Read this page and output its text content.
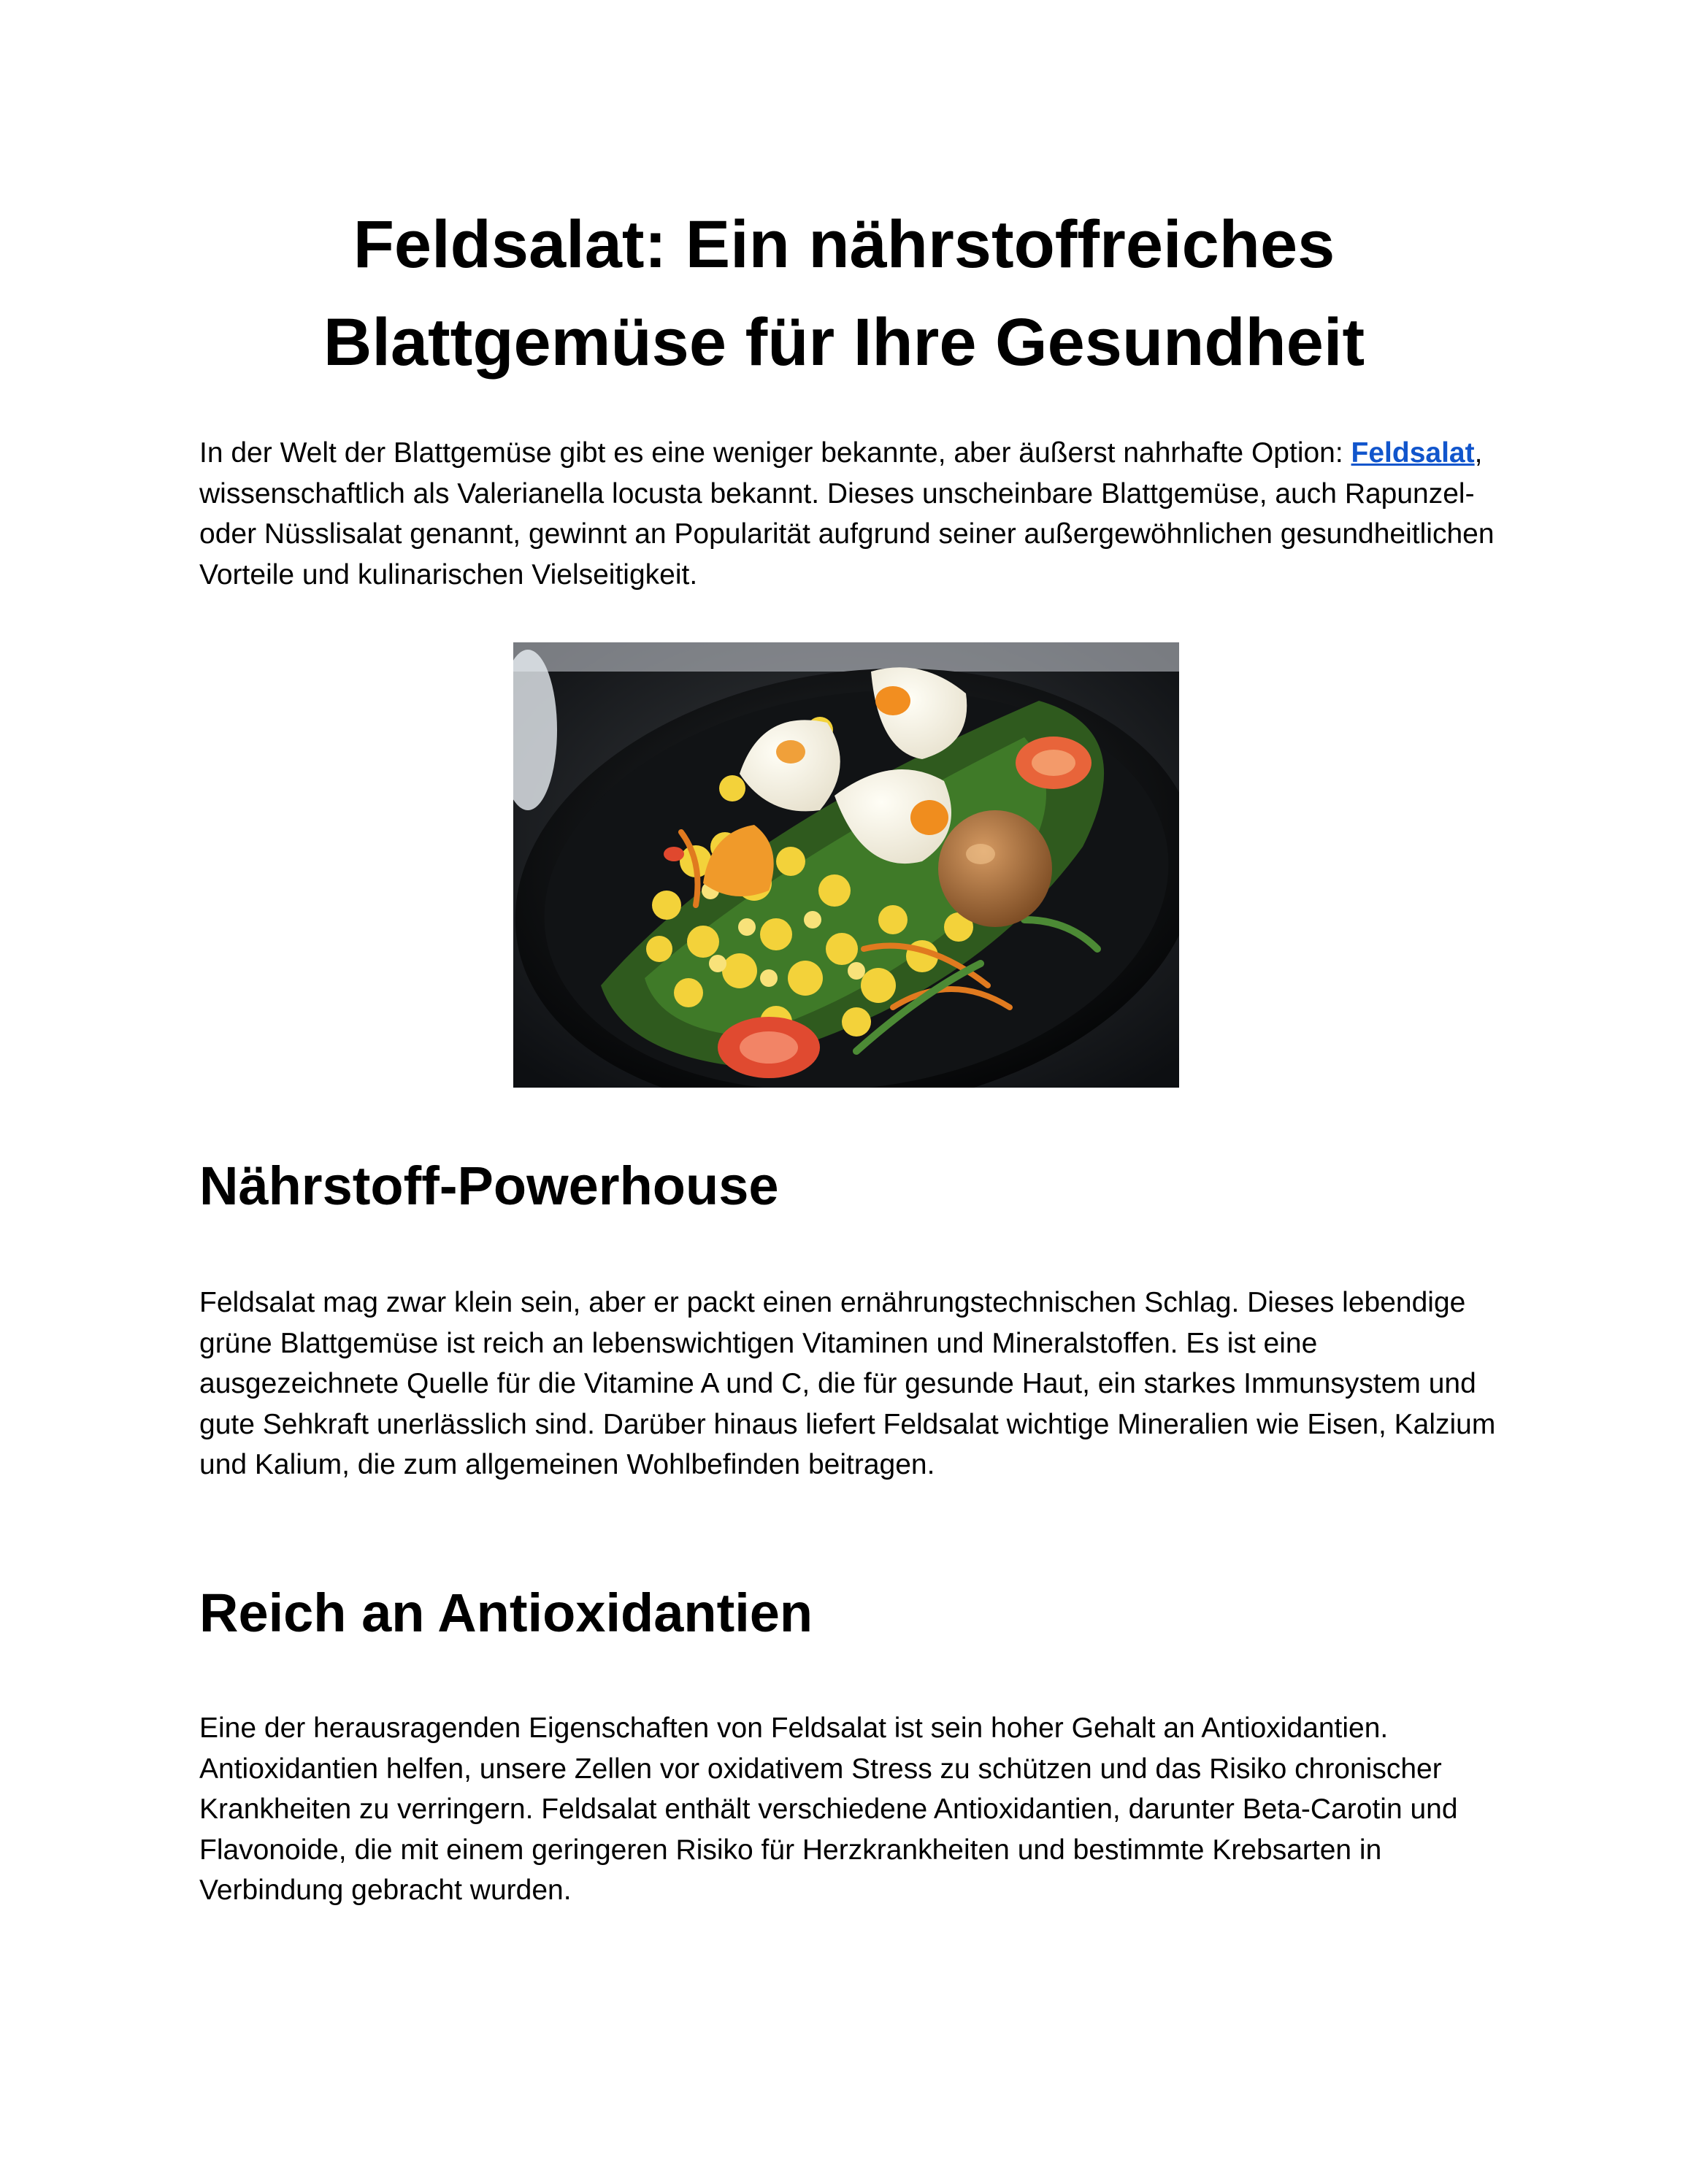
Feldsalat: Ein nährstoffreiches
Blattgemüse für Ihre Gesundheit

In der Welt der Blattgemüse gibt es eine weniger bekannte, aber äußerst nahrhafte Option: Feldsalat, wissenschaftlich als Valerianella locusta bekannt. Dieses unscheinbare Blattgemüse, auch Rapunzel- oder Nüsslisalat genannt, gewinnt an Popularität aufgrund seiner außergewöhnlichen gesundheitlichen Vorteile und kulinarischen Vielseitigkeit.

Nährstoff-Powerhouse

Feldsalat mag zwar klein sein, aber er packt einen ernährungstechnischen Schlag. Dieses lebendige grüne Blattgemüse ist reich an lebenswichtigen Vitaminen und Mineralstoffen. Es ist eine ausgezeichnete Quelle für die Vitamine A und C, die für gesunde Haut, ein starkes Immunsystem und gute Sehkraft unerlässlich sind. Darüber hinaus liefert Feldsalat wichtige Mineralien wie Eisen, Kalzium und Kalium, die zum allgemeinen Wohlbefinden beitragen.

Reich an Antioxidantien

Eine der herausragenden Eigenschaften von Feldsalat ist sein hoher Gehalt an Antioxidantien. Antioxidantien helfen, unsere Zellen vor oxidativem Stress zu schützen und das Risiko chronischer Krankheiten zu verringern. Feldsalat enthält verschiedene Antioxidantien, darunter Beta-Carotin und Flavonoide, die mit einem geringeren Risiko für Herzkrankheiten und bestimmte Krebsarten in Verbindung gebracht wurden.
